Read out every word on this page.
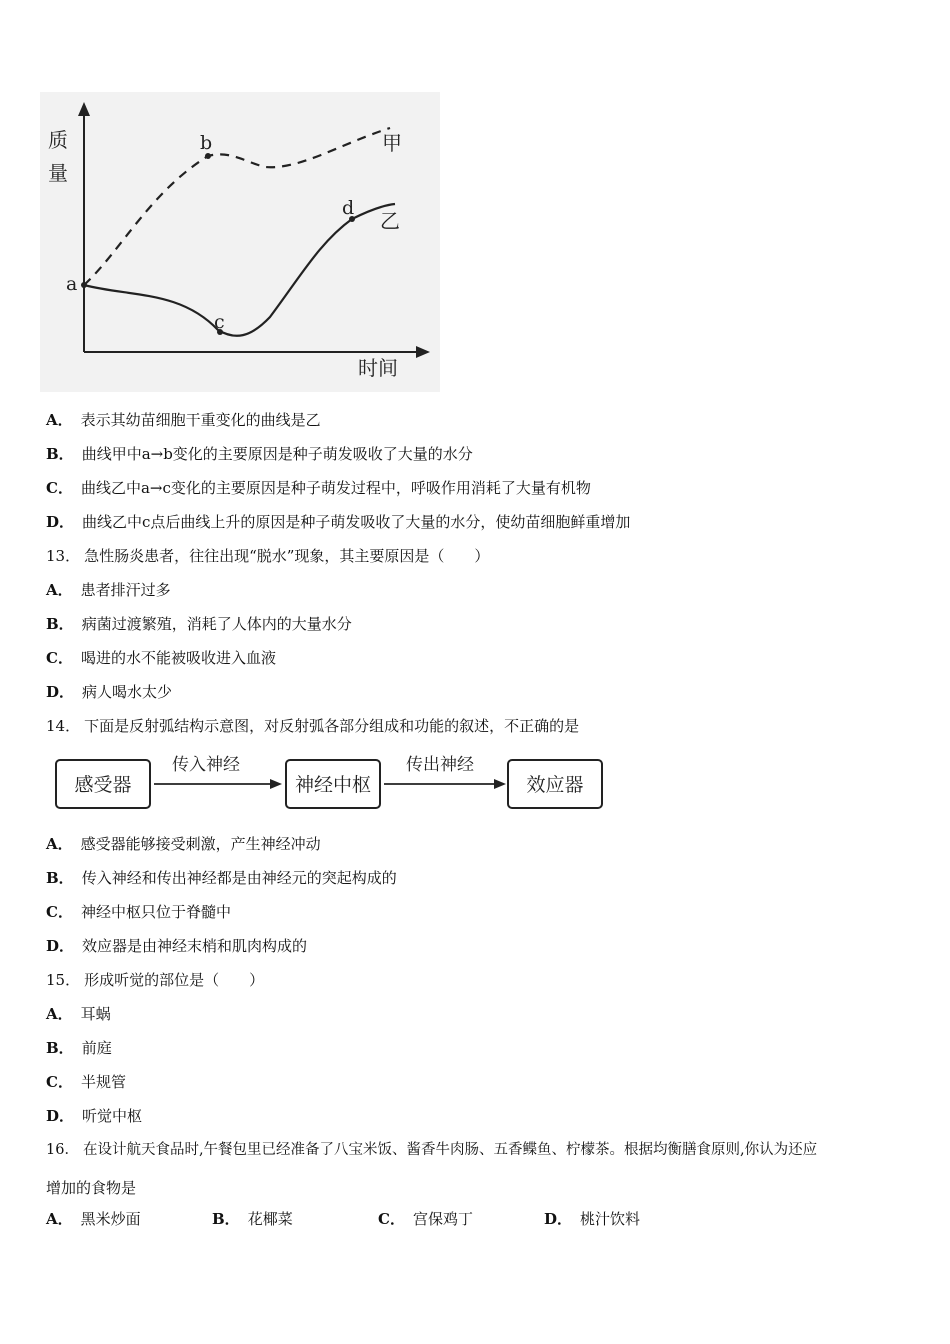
质
量
时间
a
b
c
d
甲
乙
A． 表示其幼苗细胞干重变化的曲线是乙
B． 曲线甲中a→b变化的主要原因是种子萌发吸收了大量的水分
C． 曲线乙中a→c变化的主要原因是种子萌发过程中，呼吸作用消耗了大量有机物
D． 曲线乙中c点后曲线上升的原因是种子萌发吸收了大量的水分，使幼苗细胞鲜重增加
13． 急性肠炎患者，往往出现“脱水”现象，其主要原因是（　　）
A． 患者排汗过多
B． 病菌过渡繁殖，消耗了人体内的大量水分
C． 喝进的水不能被吸收进入血液
D． 病人喝水太少
14． 下面是反射弧结构示意图，对反射弧各部分组成和功能的叙述，不正确的是
感受器
传入神经
神经中枢
传出神经
效应器
A． 感受器能够接受刺激，产生神经冲动
B． 传入神经和传出神经都是由神经元的突起构成的
C． 神经中枢只位于脊髓中
D． 效应器是由神经末梢和肌肉构成的
15． 形成听觉的部位是（　　）
A． 耳蜗
B． 前庭
C． 半规管
D． 听觉中枢
16． 在设计航天食品时,午餐包里已经准备了八宝米饭、酱香牛肉肠、五香鲽鱼、柠檬茶。根据均衡膳食原则,你认为还应
增加的食物是
A． 黑米炒面	B． 花椰菜	C． 宫保鸡丁	D． 桃汁饮料
